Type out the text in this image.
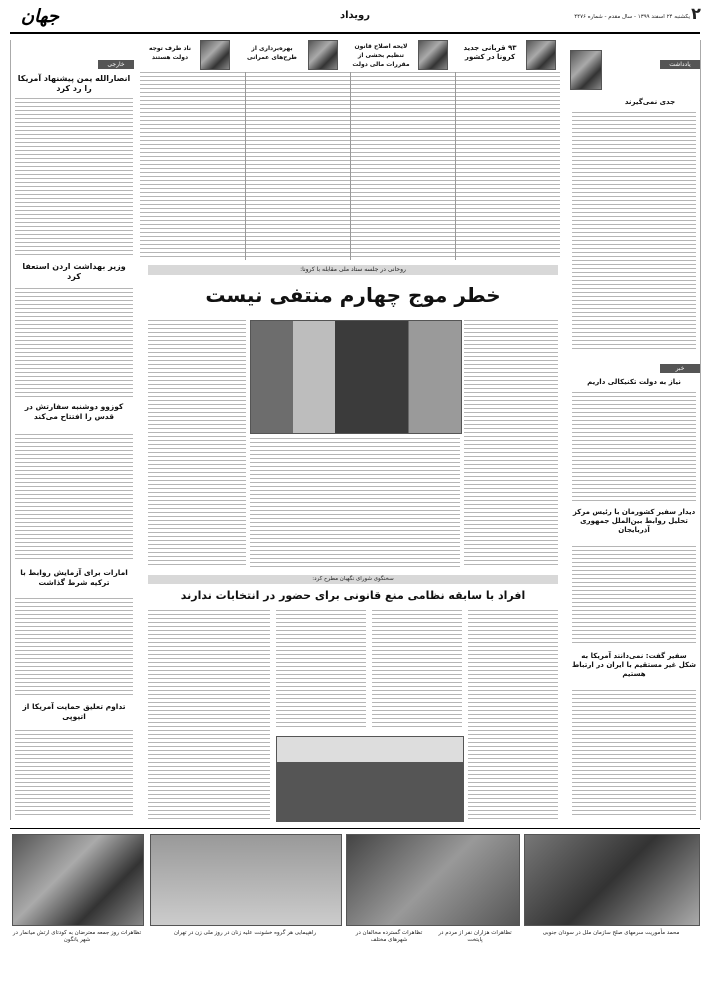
جهان	رویداد	یکشنبه ۲۴ اسفند ۱۳۹۹ - سال مقدم - شماره ۴۴۷۶ ۲
۹۳ قربانی جدید کرونا در کشور
لایحه اصلاح قانون تنظیم بخشی از مقررات مالی دولت
بهره‌برداری از طرح‌های عمرانی
ناد طرف توجه دولت هستند
یادداشت
جدی نمی‌گیرند
خبر
نیاز به دولت تکنیکالی داریم
دیدار سفیر کشورمان با رئیس مرکز تحلیل روابط بین‌الملل جمهوری آذربایجان
سفیر گفت: نمی‌دانند آمریکا به شکل غیر مستقیم با ایران در ارتباط هستیم
خارجی
انصارالله یمن پیشنهاد آمریکا را رد کرد
وزیر بهداشت اردن استعفا کرد
کوزوو دوشنبه سفارتش در قدس را افتتاح می‌کند
امارات برای آزمایش روابط با ترکیه شرط گذاشت
تداوم تعلیق حمایت آمریکا از اتیوپی
روحانی در جلسه ستاد ملی مقابله با کرونا:
خطر موج چهارم منتفی نیست
سخنگوی شورای نگهبان مطرح کرد:
افراد با سابقه نظامی منع قانونی برای حضور در انتخابات ندارند
تظاهرات روز جمعه معترضان به کودتای ارتش میانمار در شهر یانگون
راهپیمایی هر گروه خشونت علیه زنان در روز ملی زن در تهران	تظاهرات گسترده مخالفان در شهرهای مختلف
تظاهرات هزاران نفر از مردم در پایتخت
محمد مأموریت سرمهای صلح سازمان ملل در سودان جنوبی
